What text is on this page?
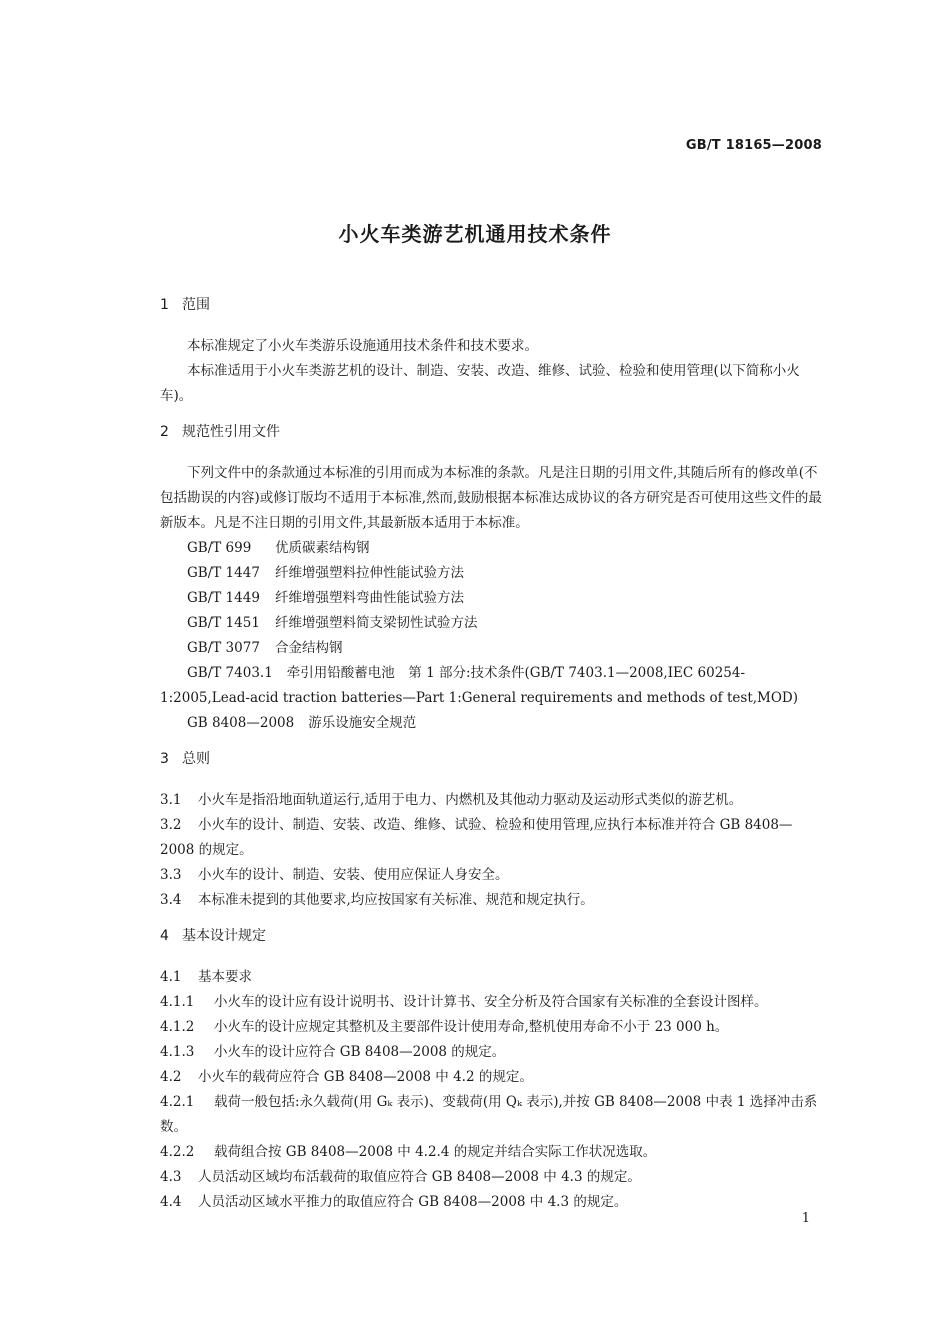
GB/T 18165—2008
小火车类游艺机通用技术条件
1 范围

本标准规定了小火车类游乐设施通用技术条件和技术要求。

本标准适用于小火车类游艺机的设计、制造、安装、改造、维修、试验、检验和使用管理(以下简称小火车)。

2 规范性引用文件

下列文件中的条款通过本标准的引用而成为本标准的条款。凡是注日期的引用文件,其随后所有的修改单(不包括勘误的内容)或修订版均不适用于本标准,然而,鼓励根据本标准达成协议的各方研究是否可使用这些文件的最新版本。凡是不注日期的引用文件,其最新版本适用于本标准。

GB/T 699 优质碳素结构钢
GB/T 1447 纤维增强塑料拉伸性能试验方法
GB/T 1449 纤维增强塑料弯曲性能试验方法
GB/T 1451 纤维增强塑料简支梁韧性试验方法
GB/T 3077 合金结构钢
GB/T 7403.1 牵引用铅酸蓄电池　第 1 部分:技术条件(GB/T 7403.1—2008,IEC 60254-1:2005,Lead-acid traction batteries—Part 1:General requirements and methods of test,MOD)
GB 8408—2008 游乐设施安全规范
3 总则
3.1 小火车是指沿地面轨道运行,适用于电力、内燃机及其他动力驱动及运动形式类似的游艺机。
3.2 小火车的设计、制造、安装、改造、维修、试验、检验和使用管理,应执行本标准并符合 GB 8408—2008 的规定。
3.3 小火车的设计、制造、安装、使用应保证人身安全。
3.4 本标准未提到的其他要求,均应按国家有关标准、规范和规定执行。
4 基本设计规定
4.1 基本要求
4.1.1 小火车的设计应有设计说明书、设计计算书、安全分析及符合国家有关标准的全套设计图样。
4.1.2 小火车的设计应规定其整机及主要部件设计使用寿命,整机使用寿命不小于 23 000 h。
4.1.3 小火车的设计应符合 GB 8408—2008 的规定。
4.2 小火车的载荷应符合 GB 8408—2008 中 4.2 的规定。
4.2.1 载荷一般包括:永久载荷(用 Gₖ 表示)、变载荷(用 Qₖ 表示),并按 GB 8408—2008 中表 1 选择冲击系数。
4.2.2 载荷组合按 GB 8408—2008 中 4.2.4 的规定并结合实际工作状况选取。
4.3 人员活动区域均布活载荷的取值应符合 GB 8408—2008 中 4.3 的规定。
4.4 人员活动区域水平推力的取值应符合 GB 8408—2008 中 4.3 的规定。
1
